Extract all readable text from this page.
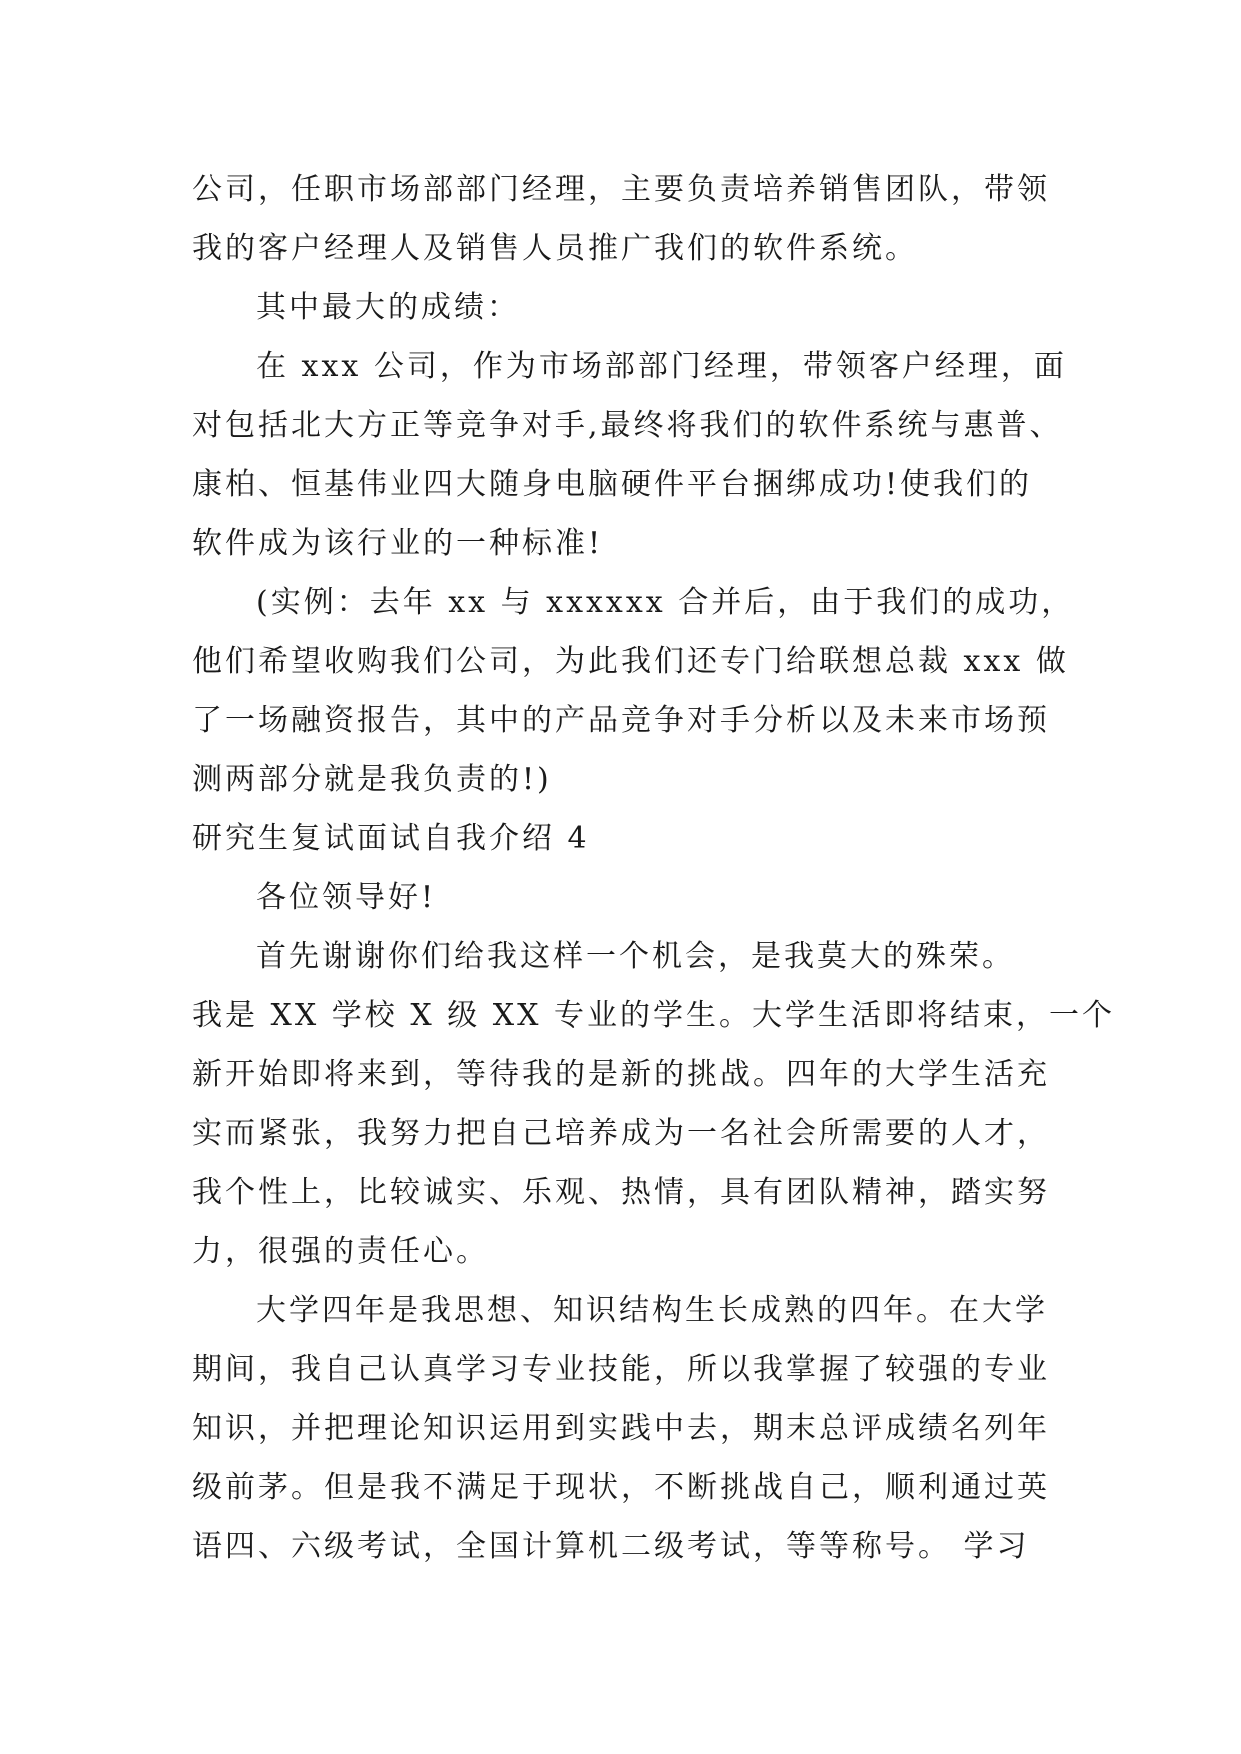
公司，任职市场部部门经理，主要负责培养销售团队，带领
我的客户经理人及销售人员推广我们的软件系统。
其中最大的成绩：
在 xxx 公司，作为市场部部门经理，带领客户经理，面
对包括北大方正等竞争对手,最终将我们的软件系统与惠普、
康柏、恒基伟业四大随身电脑硬件平台捆绑成功!使我们的
软件成为该行业的一种标准!
(实例：去年 xx 与 xxxxxx 合并后，由于我们的成功，
他们希望收购我们公司，为此我们还专门给联想总裁 xxx 做
了一场融资报告，其中的产品竞争对手分析以及未来市场预
测两部分就是我负责的!)
研究生复试面试自我介绍 4
各位领导好!
首先谢谢你们给我这样一个机会，是我莫大的殊荣。
我是 XX 学校 X 级 XX 专业的学生。大学生活即将结束，一个
新开始即将来到，等待我的是新的挑战。四年的大学生活充
实而紧张，我努力把自己培养成为一名社会所需要的人才，
我个性上，比较诚实、乐观、热情，具有团队精神，踏实努
力，很强的责任心。
大学四年是我思想、知识结构生长成熟的四年。在大学
期间，我自己认真学习专业技能，所以我掌握了较强的专业
知识，并把理论知识运用到实践中去，期末总评成绩名列年
级前茅。但是我不满足于现状，不断挑战自己，顺利通过英
语四、六级考试，全国计算机二级考试，等等称号。 学习
